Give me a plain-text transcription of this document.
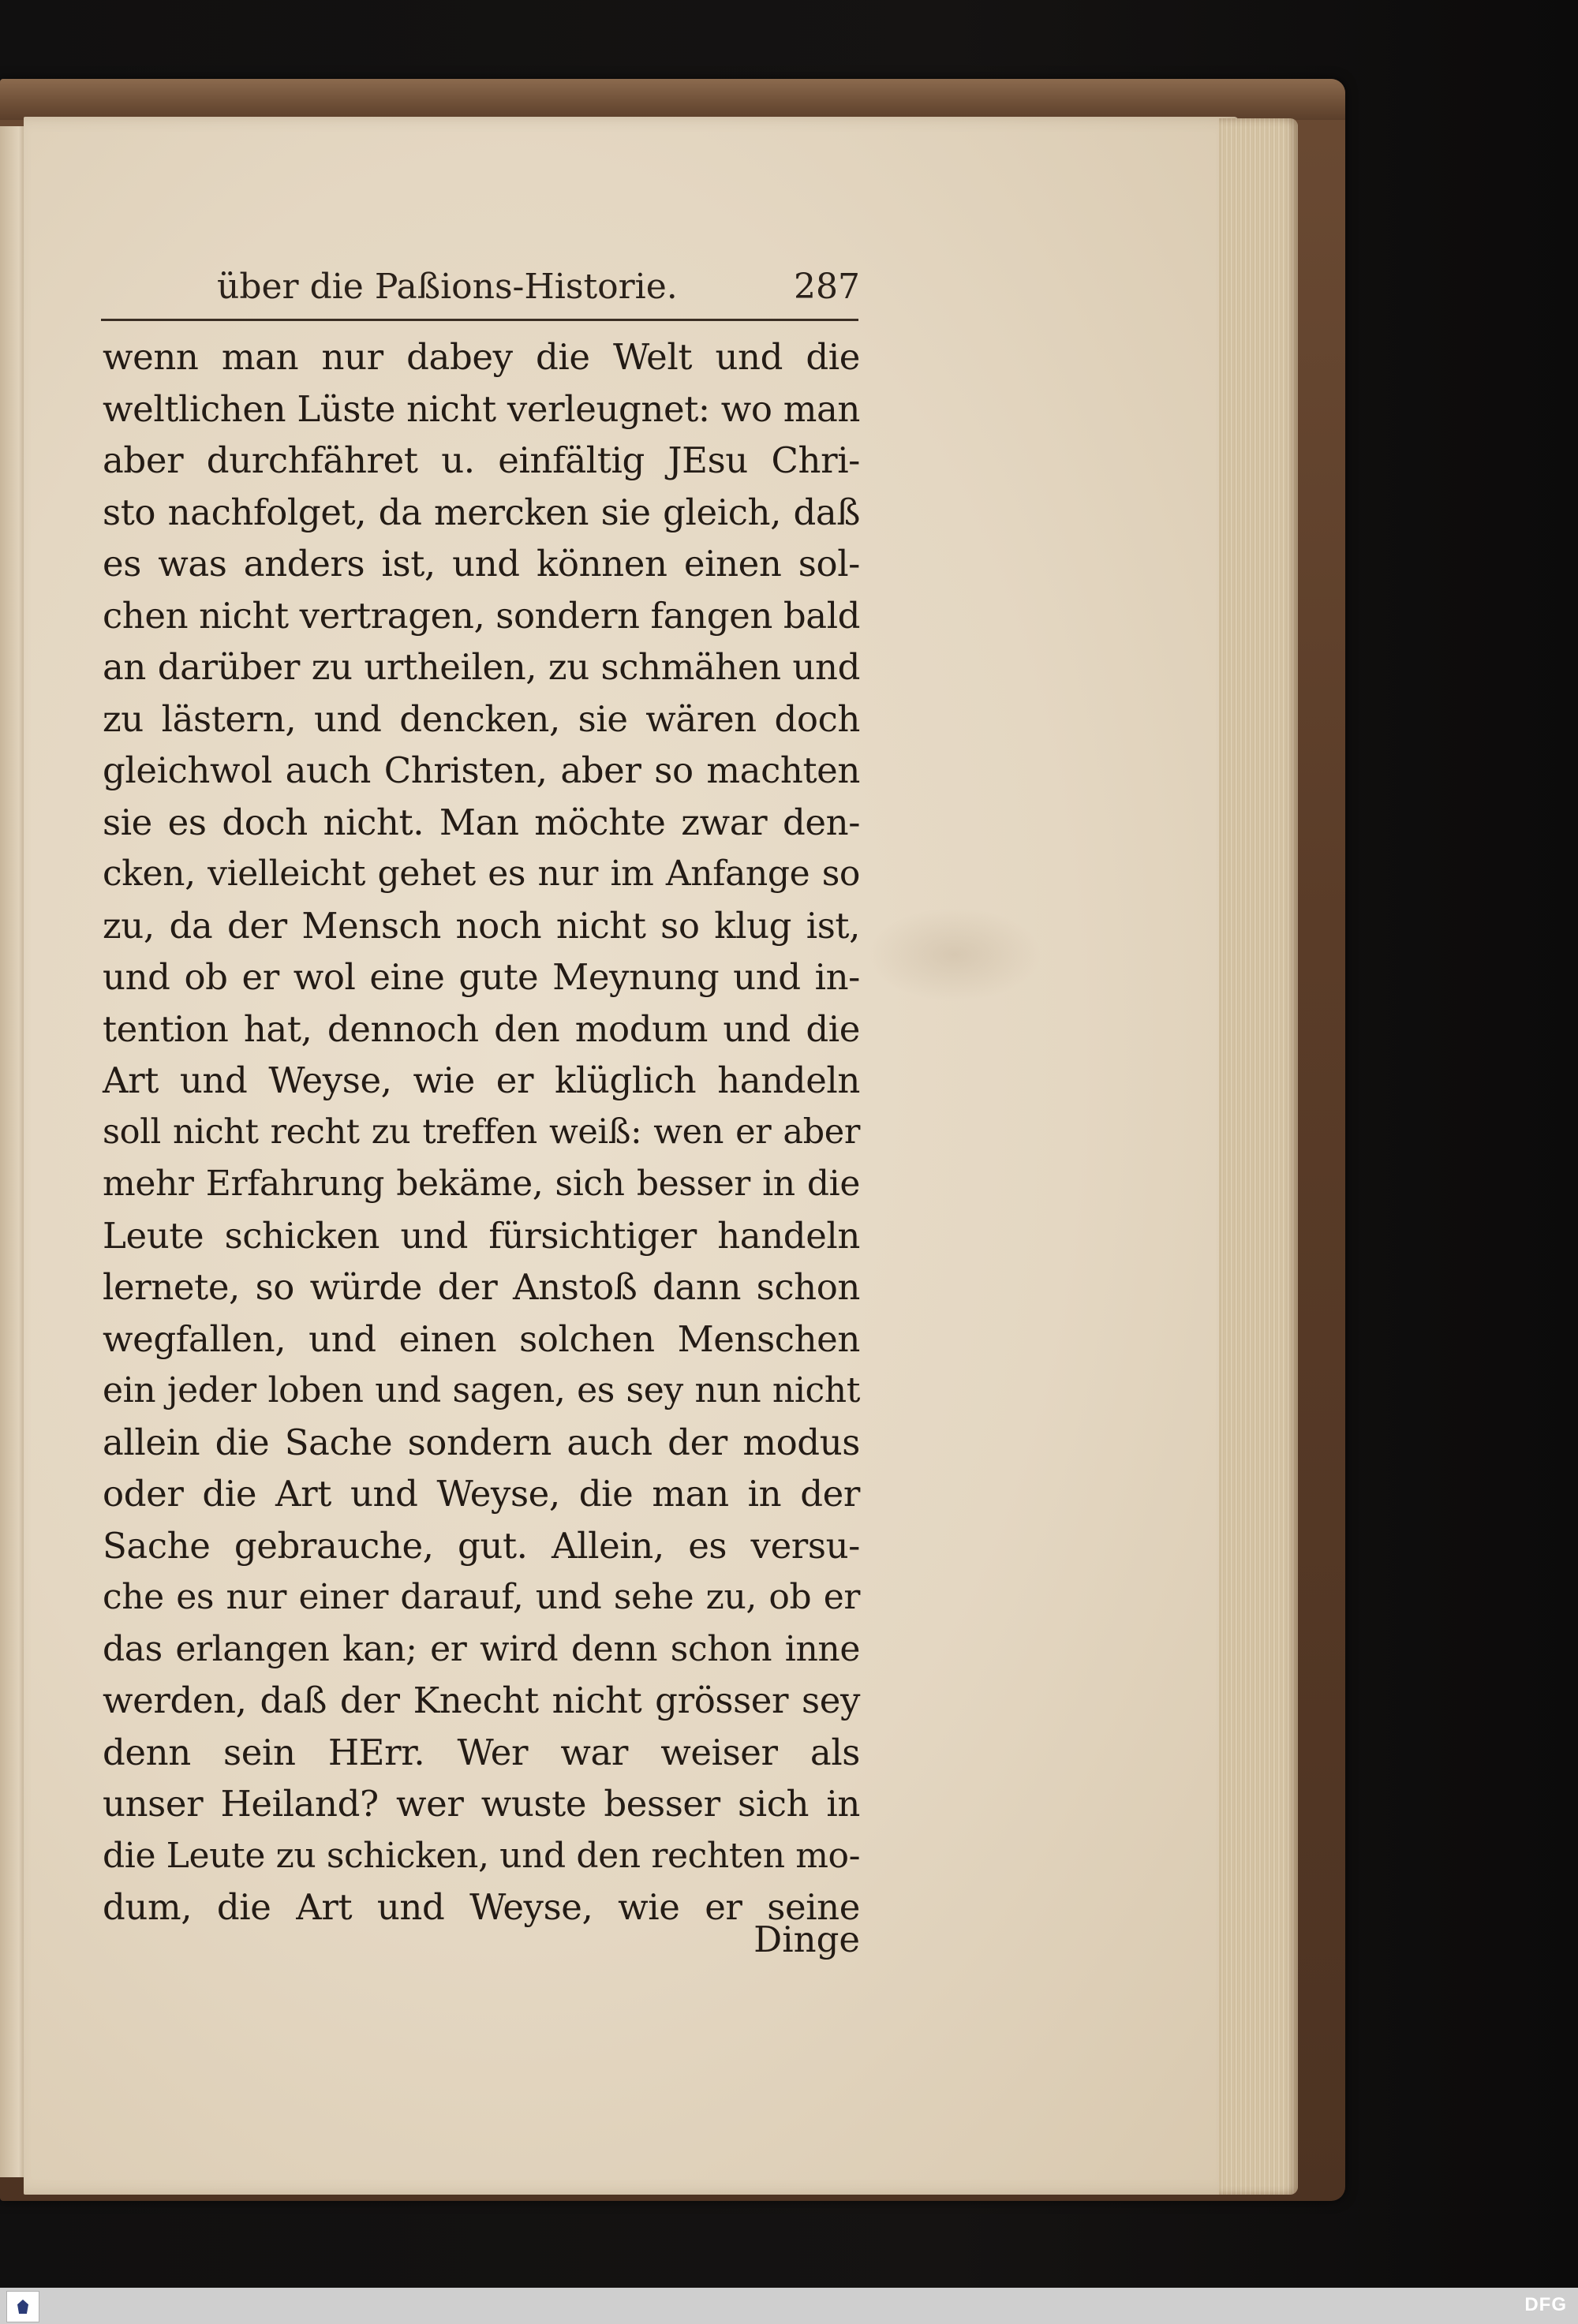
über die Paßions-Historie.	287
wenn man nur dabey die Welt und die
weltlichen Lüste nicht verleugnet: wo man
aber durchfähret u. einfältig JEsu Chri-
sto nachfolget, da mercken sie gleich, daß
es was anders ist, und können einen sol-
chen nicht vertragen, sondern fangen bald
an darüber zu urtheilen, zu schmähen und
zu lästern, und dencken, sie wären doch
gleichwol auch Christen, aber so machten
sie es doch nicht. Man möchte zwar den-
cken, vielleicht gehet es nur im Anfange so
zu, da der Mensch noch nicht so klug ist,
und ob er wol eine gute Meynung und in-
tention hat, dennoch den modum und die
Art und Weyse, wie er klüglich handeln
soll nicht recht zu treffen weiß: wen er aber
mehr Erfahrung bekäme, sich besser in die
Leute schicken und fürsichtiger handeln
lernete, so würde der Anstoß dann schon
wegfallen, und einen solchen Menschen
ein jeder loben und sagen, es sey nun nicht
allein die Sache sondern auch der modus
oder die Art und Weyse, die man in der
Sache gebrauche, gut. Allein, es versu-
che es nur einer darauf, und sehe zu, ob er
das erlangen kan; er wird denn schon inne
werden, daß der Knecht nicht grösser sey
denn sein HErr. Wer war weiser als
unser Heiland? wer wuste besser sich in
die Leute zu schicken, und den rechten mo-
dum, die Art und Weyse, wie er seine
Dinge
DFG
